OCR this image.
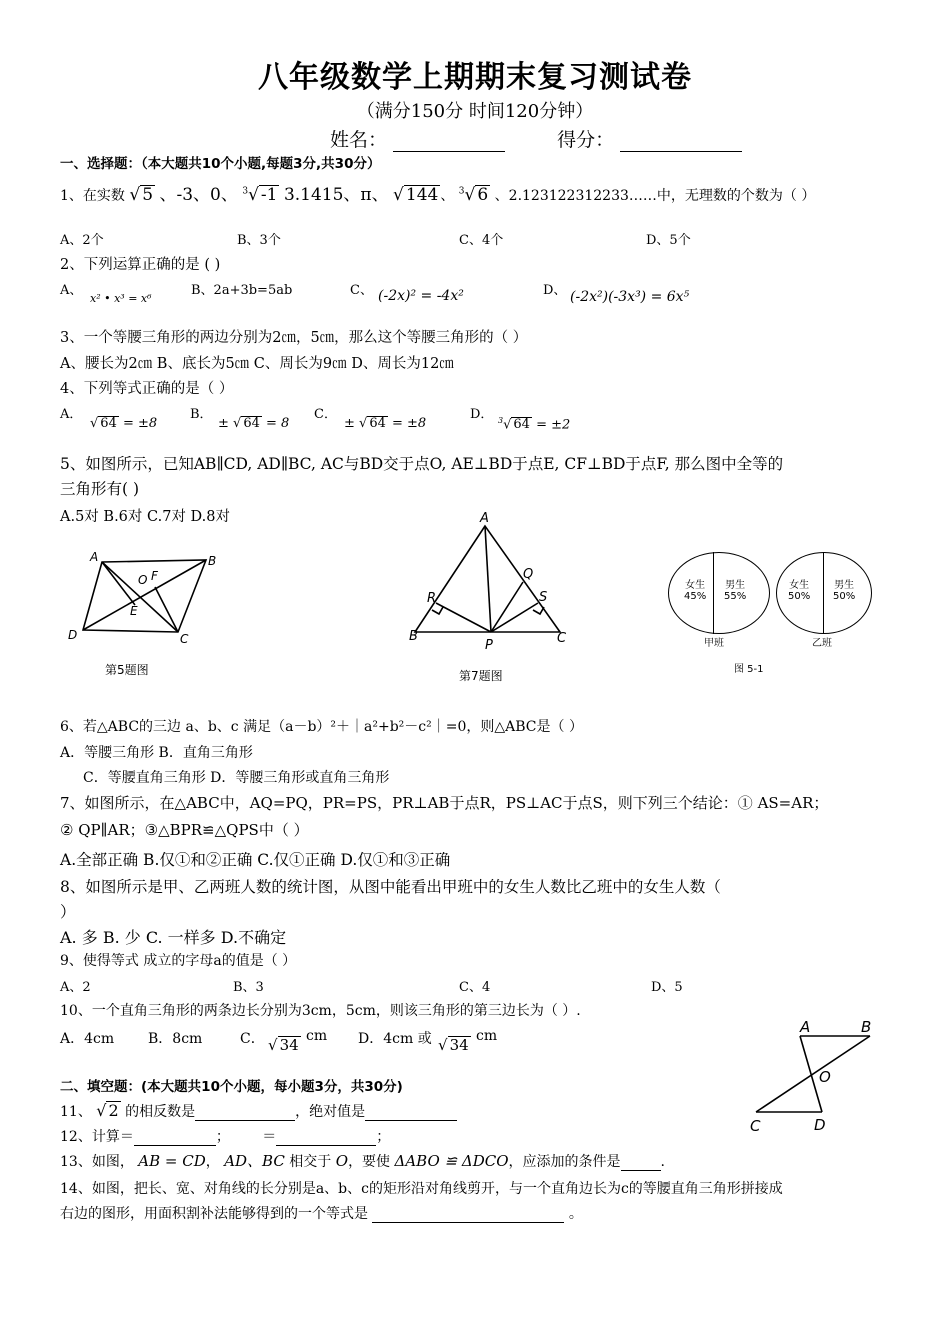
八年级数学上期期末复习测试卷
（满分150分 时间120分钟）
姓名：	得分：
一、选择题：（本大题共10个小题,每题3分,共30分）
1、在实数 √ 5 、-3、0、 $^3$√ -1 3.1415、π、 √ 144 、 $^3$√ 6 、2.123122312233……中，无理数的个数为（ ）
A、2个	B、3个	C、4个	D、5个
2、下列运算正确的是 ( )
A、
x² • x³ = x⁶
B、2a+3b=5ab	C、 (-2x)² = -4x²	D、 (-2x²)(-3x³) = 6x⁵
3、一个等腰三角形的两边分别为2㎝，5㎝，那么这个等腰三角形的（ ）
A、腰长为2㎝ B、底长为5㎝ C、周长为9㎝ D、周长为12㎝
4、下列等式正确的是（ ）
A．
√ 64 = ±8
B．
± √ 64 = 8
C．
± √ 64 = ±8
D． $^3$√ 64 = ±2
5、如图所示，已知AB∥CD, AD∥BC, AC与BD交于点O, AE⊥BD于点E, CF⊥BD于点F, 那么图中全等的
三角形有( )
A.5对 B.6对 C.7对 D.8对
A	B
C
D
O F
E
第5题图
A
B	C
P
R	S
Q
第7题图
女生
45%
男生
55%
甲班
女生
50%
男生
50%
乙班
图 5-1
6、若△ABC的三边 a、b、c 满足（a－b）²＋｜a²+b²－c²｜=0，则△ABC是（ ）
A．等腰三角形 B．直角三角形
C．等腰直角三角形 D．等腰三角形或直角三角形
7、如图所示，在△ABC中，AQ=PQ，PR=PS，PR⊥AB于点R，PS⊥AC于点S，则下列三个结论：① AS=AR；
② QP∥AR；③△BPR≌△QPS中（ ）
A.全部正确 B.仅①和②正确 C.仅①正确 D.仅①和③正确
8、如图所示是甲、乙两班人数的统计图，从图中能看出甲班中的女生人数比乙班中的女生人数（
）
A. 多 B. 少 C. 一样多 D.不确定
9、使得等式 成立的字母a的值是（ ）
A、2	B、3	C、4	D、5
10、一个直角三角形的两条边长分别为3cm，5cm，则该三角形的第三边长为（ ）.
A．4cm B．8cm	C． √ 34 cm D．4cm 或 √ 34 cm	A	B
O
C	D
二、填空题：(本大题共10个小题，每小题3分，共30分)
11、 √ 2 的相反数是	，绝对值是
12、计算＝	； ＝	；
13、如图， AB = CD， AD、BC 相交于 O，要使 ΔABO ≌ ΔDCO，应添加的条件是	.
14、如图，把长、宽、对角线的长分别是a、b、c的矩形沿对角线剪开，与一个直角边长为c的等腰直角三角形拼接成
右边的图形，用面积割补法能够得到的一个等式是	。
